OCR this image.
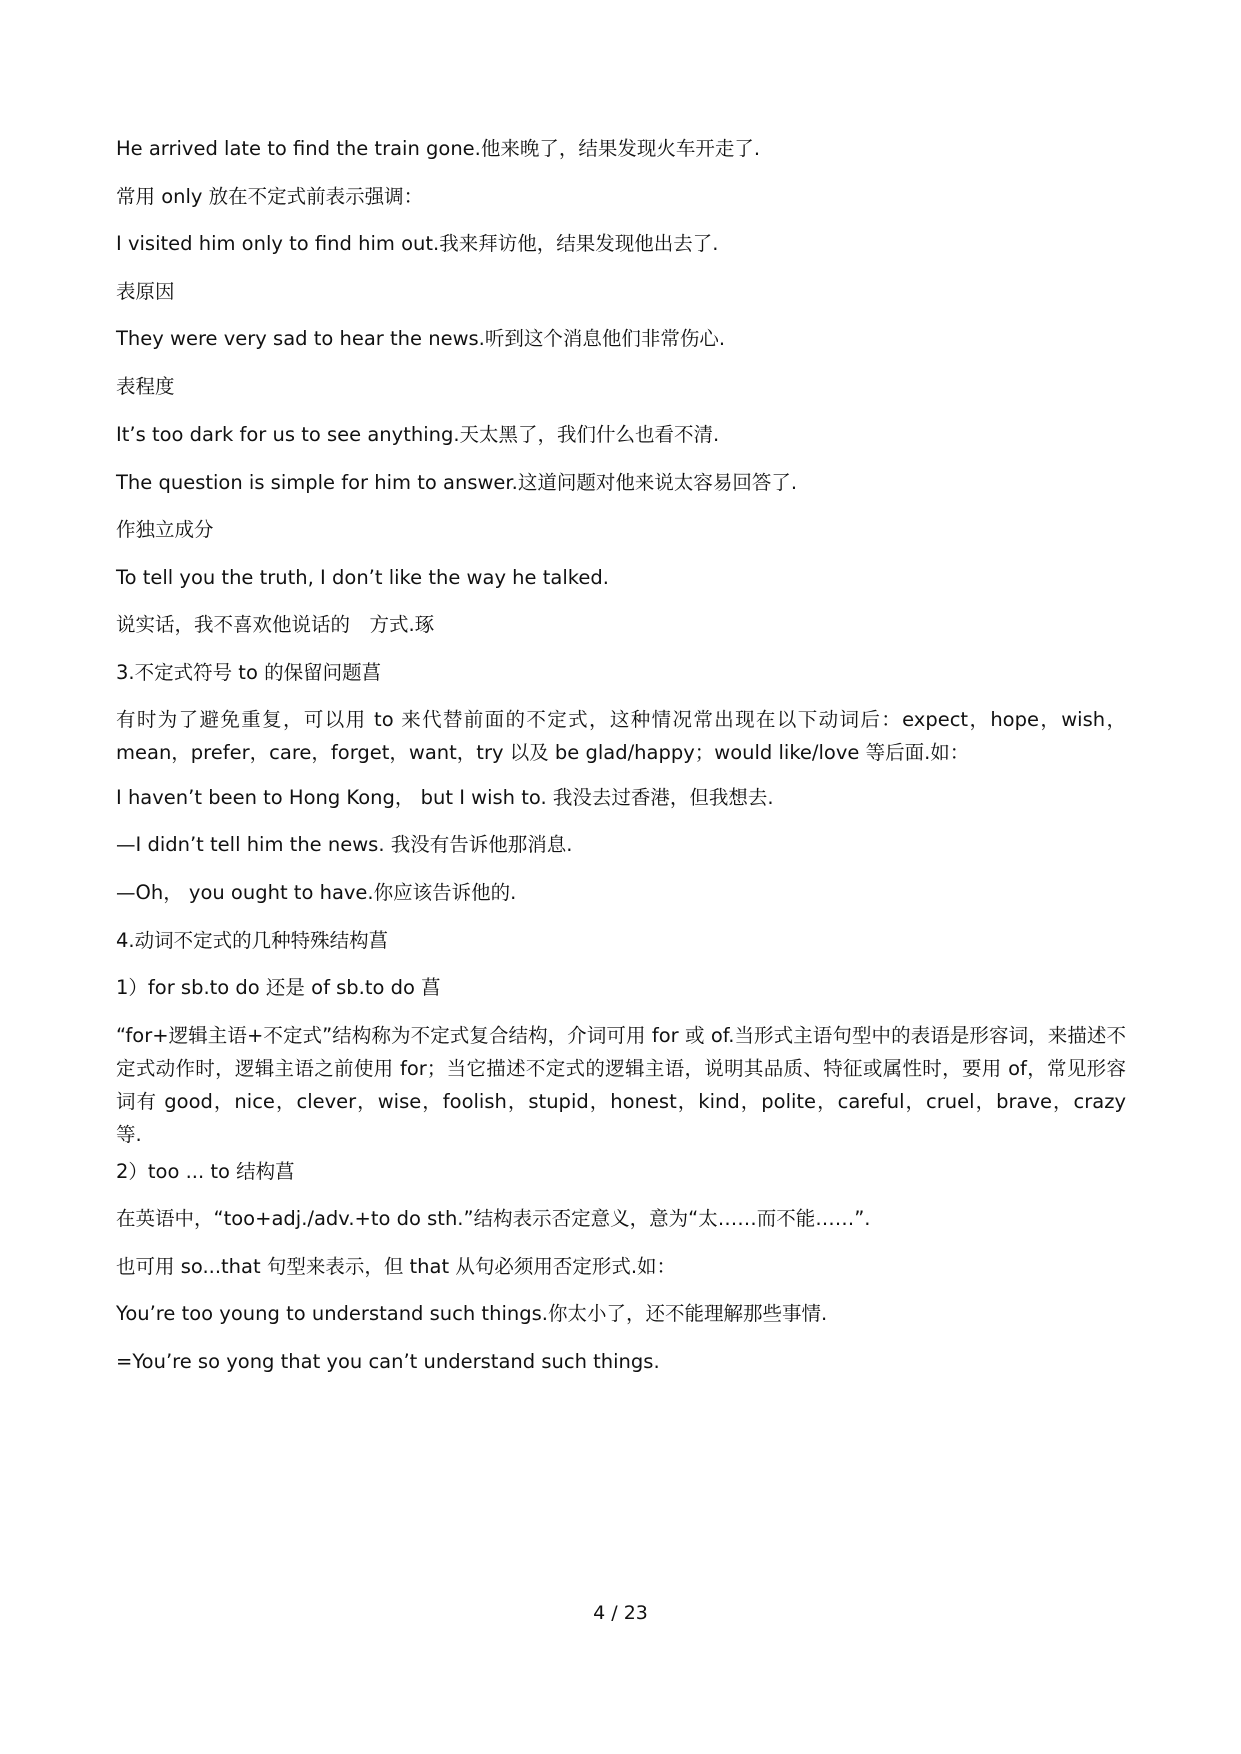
He arrived late to find the train gone.他来晚了，结果发现火车开走了.
常用 only 放在不定式前表示强调：
I visited him only to find him out.我来拜访他，结果发现他出去了.
表原因
They were very sad to hear the news.听到这个消息他们非常伤心.
表程度
It’s too dark for us to see anything.天太黑了，我们什么也看不清.
The question is simple for him to answer.这道问题对他来说太容易回答了.
作独立成分
To tell you the truth, I don’t like the way he talked.
说实话，我不喜欢他说话的　方式.琢
3.不定式符号 to 的保留问题菖
有时为了避免重复，可以用 to 来代替前面的不定式，这种情况常出现在以下动词后：expect，hope，wish，mean，prefer，care，forget，want，try 以及 be glad/happy；would like/love 等后面.如：
I haven’t been to Hong Kong， but I wish to. 我没去过香港，但我想去.
—I didn’t tell him the news. 我没有告诉他那消息.
—Oh， you ought to have.你应该告诉他的.
4.动词不定式的几种特殊结构菖
1）for sb.to do 还是 of sb.to do 菖
“for+逻辑主语+不定式”结构称为不定式复合结构，介词可用 for 或 of.当形式主语句型中的表语是形容词，来描述不定式动作时，逻辑主语之前使用 for；当它描述不定式的逻辑主语，说明其品质、特征或属性时，要用 of，常见形容词有 good，nice，clever，wise，foolish，stupid，honest，kind，polite，careful，cruel，brave，crazy 等.
2）too ... to 结构菖
在英语中，“too+adj./adv.+to do sth.”结构表示否定意义，意为“太……而不能……”.
也可用 so...that 句型来表示，但 that 从句必须用否定形式.如：
You’re too young to understand such things.你太小了，还不能理解那些事情.
=You’re so yong that you can’t understand such things.
4 / 23
